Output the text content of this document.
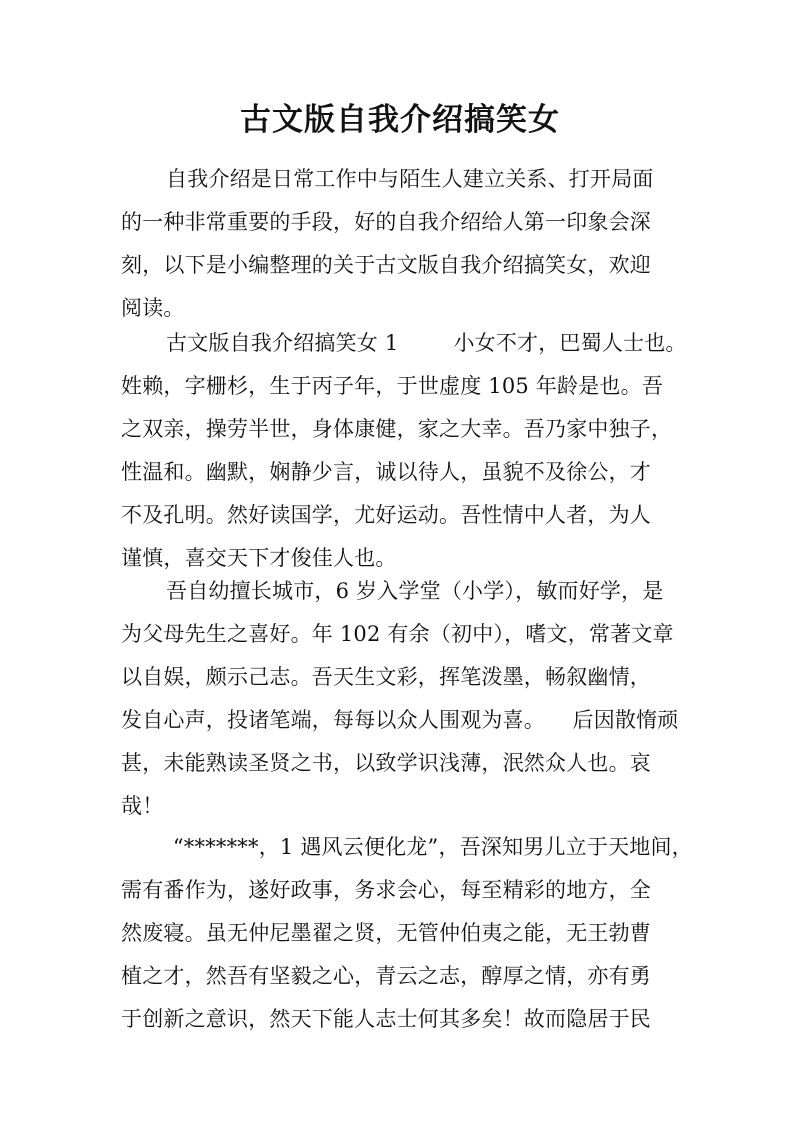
古文版自我介绍搞笑女
自我介绍是日常工作中与陌生人建立关系、打开局面
的一种非常重要的手段，好的自我介绍给人第一印象会深
刻，以下是小编整理的关于古文版自我介绍搞笑女，欢迎
阅读。
古文版自我介绍搞笑女 1        小女不才，巴蜀人士也。
姓赖，字栅杉，生于丙子年，于世虚度 105 年龄是也。吾
之双亲，操劳半世，身体康健，家之大幸。吾乃家中独子，
性温和。幽默，娴静少言，诚以待人，虽貌不及徐公，才
不及孔明。然好读国学，尤好运动。吾性情中人者，为人
谨慎，喜交天下才俊佳人也。
吾自幼擅长城市，6 岁入学堂（小学），敏而好学，是
为父母先生之喜好。年 102 有余（初中），嗜文，常著文章
以自娱，颇示己志。吾天生文彩，挥笔泼墨，畅叙幽情，
发自心声，投诸笔端，每每以众人围观为喜。    后因散惰顽
甚，未能熟读圣贤之书，以致学识浅薄，泯然众人也。哀
哉！
“*******，1 遇风云便化龙”，吾深知男儿立于天地间，
需有番作为，遂好政事，务求会心，每至精彩的地方，全
然废寝。虽无仲尼墨翟之贤，无管仲伯夷之能，无王勃曹
植之才，然吾有坚毅之心，青云之志，醇厚之情，亦有勇
于创新之意识，然天下能人志士何其多矣！故而隐居于民
